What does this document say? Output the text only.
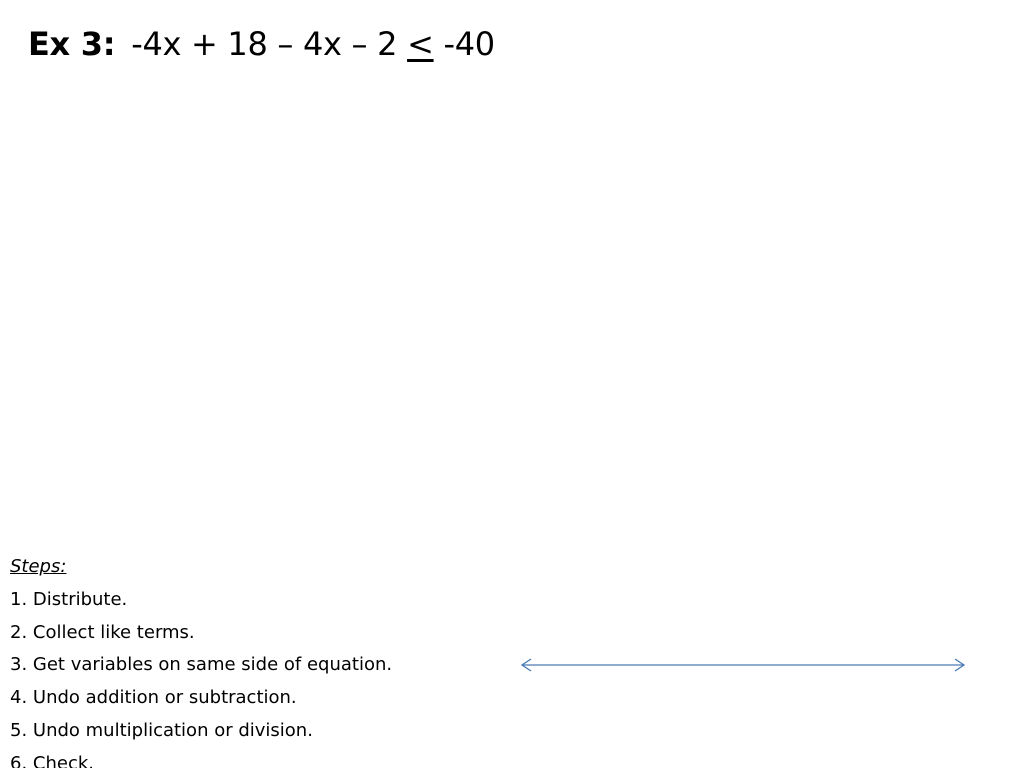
Ex 3: -4x + 18 – 4x – 2 ≤ -40
Steps:
1. Distribute.
2. Collect like terms.
3. Get variables on same side of equation.
4. Undo addition or subtraction.
5. Undo multiplication or division.
6. Check.
